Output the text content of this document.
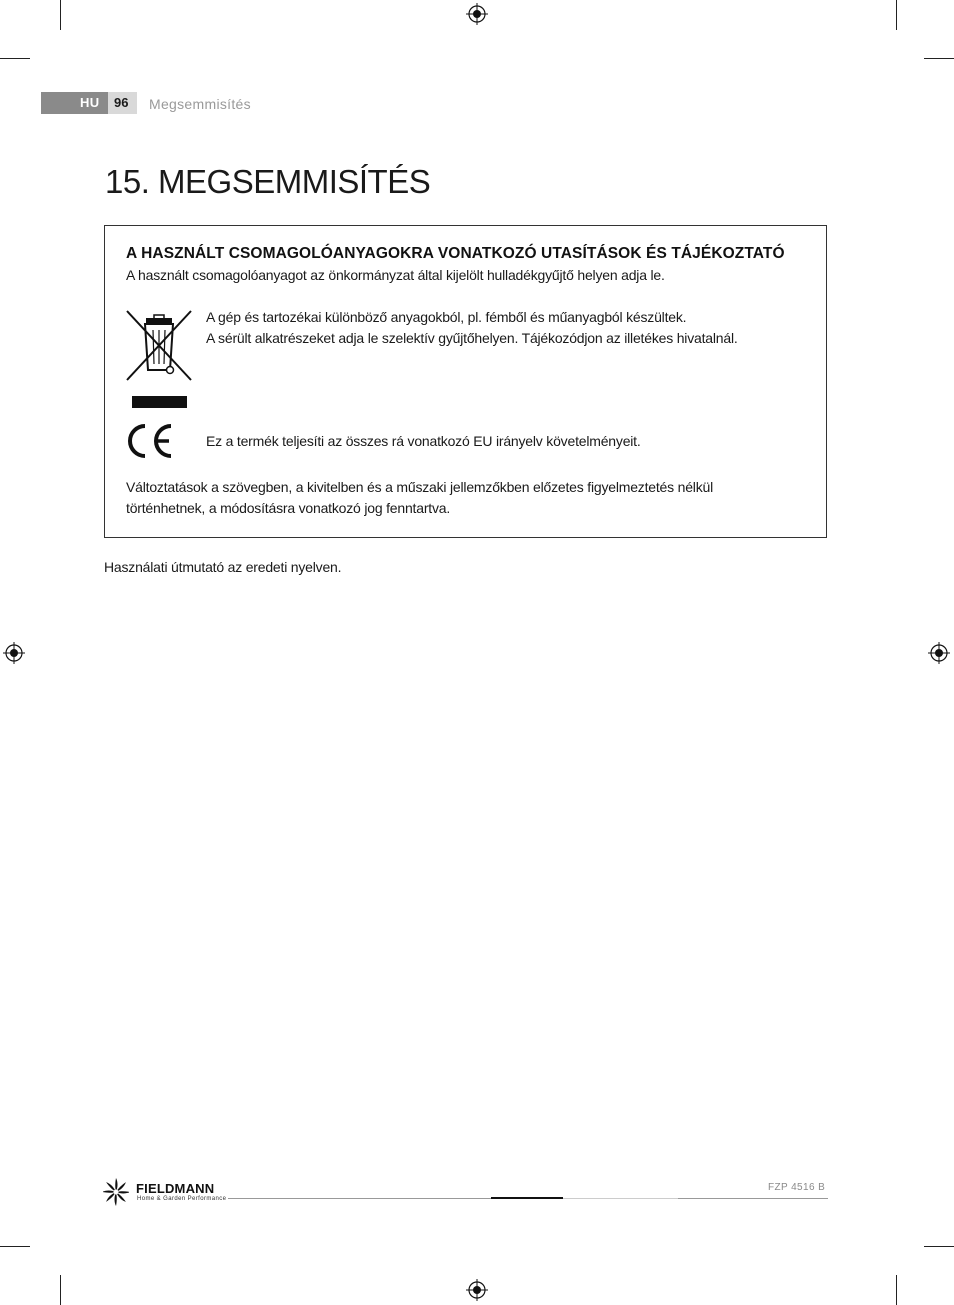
HU 96 Megsemmisítés
15. MEGSEMMISÍTÉS
A HASZNÁLT CSOMAGOLÓANYAGOKRA VONATKOZÓ UTASÍTÁSOK ÉS TÁJÉKOZTATÓ
A használt csomagolóanyagot az önkormányzat által kijelölt hulladékgyűjtő helyen adja le.
A gép és tartozékai különböző anyagokból, pl. fémből és műanyagból készültek.
A sérült alkatrészeket adja le szelektív gyűjtőhelyen. Tájékozódjon az illetékes hivatalnál.
Ez a termék teljesíti az összes rá vonatkozó EU irányelv követelményeit.
Változtatások a szövegben, a kivitelben és a műszaki jellemzőkben előzetes figyelmeztetés nélkül
történhetnek, a módosításra vonatkozó jog fenntartva.
Használati útmutató az eredeti nyelven.
FIELDMANN
Home & Garden Performance
FZP 4516 B
